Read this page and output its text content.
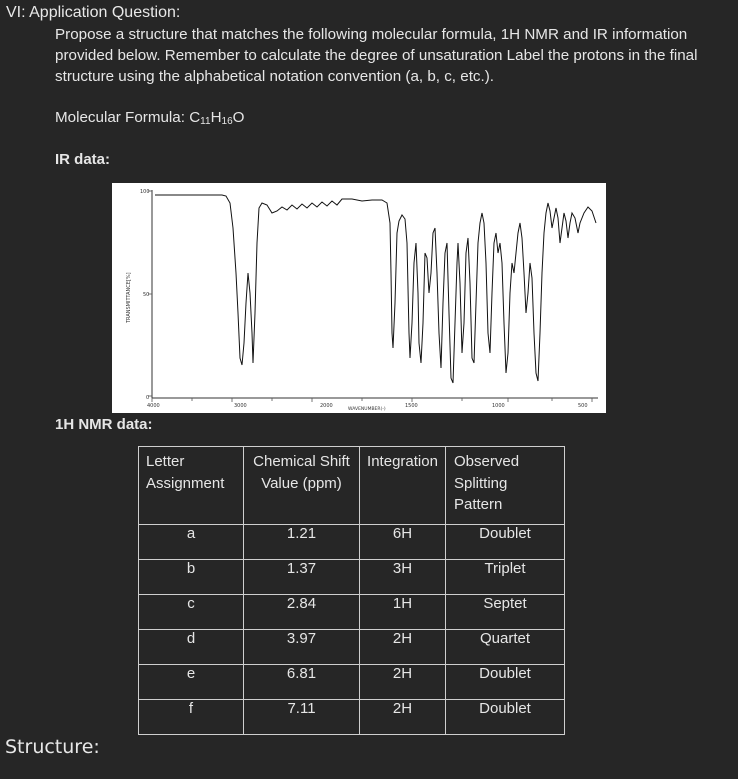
VI: Application Question:
Propose a structure that matches the following molecular formula, 1H NMR and IR information provided below. Remember to calculate the degree of unsaturation Label the protons in the final structure using the alphabetical notation convention (a, b, c, etc.).
Molecular Formula: $C_{11}H_{16}O$
IR data:
100
50
0
TRANSMITTANCE[%]
4000	3000	2000	1500	1000	500
WAVENUMBER(-)
1H NMR data:
Letter Assignment	Chemical Shift Value (ppm)	Integration	Observed Splitting Pattern
a	1.21	6H	Doublet
b	1.37	3H	Triplet
c	2.84	1H	Septet
d	3.97	2H	Quartet
e	6.81	2H	Doublet
f	7.11	2H	Doublet
Structure:
